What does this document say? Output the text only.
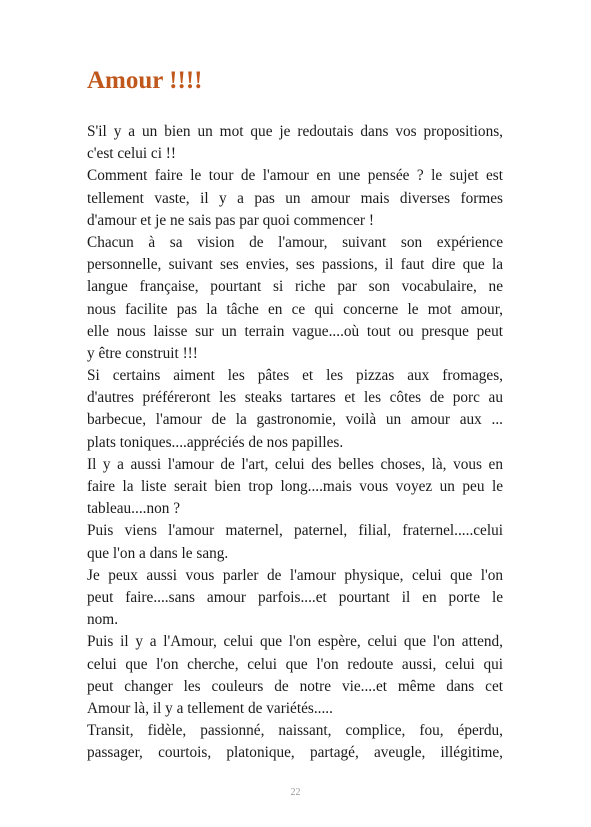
Amour !!!!
S'il y a un bien un mot que je redoutais dans vos propositions,
c'est celui ci !!
Comment faire le tour de l'amour en une pensée ? le sujet est
tellement vaste, il y a pas un amour mais diverses formes
d'amour et je ne sais pas par quoi commencer !
Chacun à sa vision de l'amour, suivant son expérience
personnelle, suivant ses envies, ses passions, il faut dire que la
langue française, pourtant si riche par son vocabulaire, ne
nous facilite pas la tâche en ce qui concerne le mot amour,
elle nous laisse sur un terrain vague....où tout ou presque peut
y être construit !!!
Si certains aiment les pâtes et les pizzas aux fromages,
d'autres préféreront les steaks tartares et les côtes de porc au
barbecue, l'amour de la gastronomie, voilà un amour aux ...
plats toniques....appréciés de nos papilles.
Il y a aussi l'amour de l'art, celui des belles choses, là, vous en
faire la liste serait bien trop long....mais vous voyez un peu le
tableau....non ?
Puis viens l'amour maternel, paternel, filial, fraternel.....celui
que l'on a dans le sang.
Je peux aussi vous parler de l'amour physique, celui que l'on
peut faire....sans amour parfois....et pourtant il en porte le
nom.
Puis il y a l'Amour, celui que l'on espère, celui que l'on attend,
celui que l'on cherche, celui que l'on redoute aussi, celui qui
peut changer les couleurs de notre vie....et même dans cet
Amour là, il y a tellement de variétés.....
Transit, fidèle, passionné, naissant, complice, fou, éperdu,
passager, courtois, platonique, partagé, aveugle, illégitime,
22
